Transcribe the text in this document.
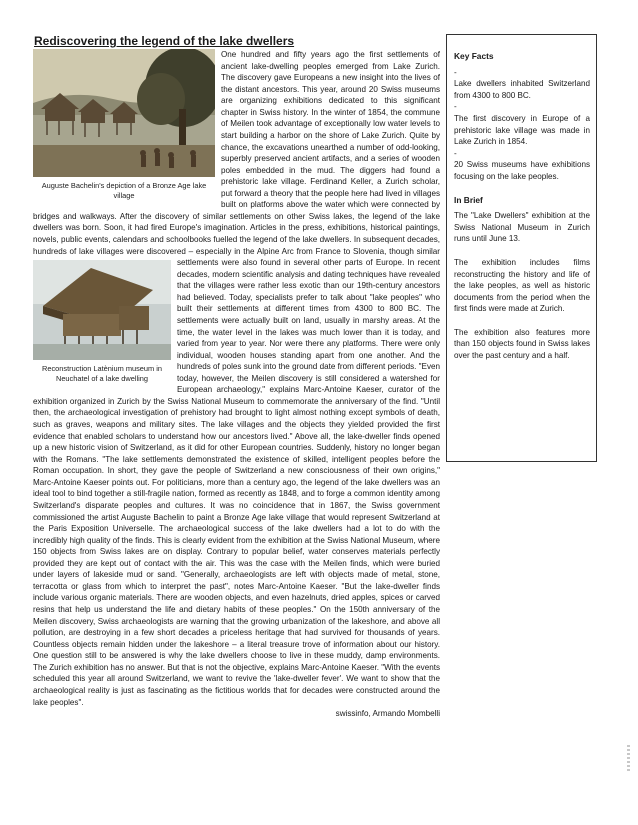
Rediscovering the legend of the lake dwellers
Auguste Bachelin's depiction of a Bronze Age lake village

One hundred and fifty years ago the first settlements of ancient lake-dwelling peoples emerged from Lake Zurich. The discovery gave Europeans a new insight into the lives of the distant ancestors. This year, around 20 Swiss museums are organizing exhibitions dedicated to this significant chapter in Swiss history. In the winter of 1854, the commune of Meilen took advantage of exceptionally low water levels to start building a harbor on the shore of Lake Zurich. Quite by chance, the excavations unearthed a number of odd-looking, superbly preserved ancient artifacts, and a series of wooden poles embedded in the mud. The diggers had found a prehistoric lake village. Ferdinand Keller, a Zurich scholar, put forward a theory that the people here had lived in villages built on platforms above the water which were connected by bridges and walkways. After the discovery of similar settlements on other Swiss lakes, the legend of the lake dwellers was born. Soon, it had fired Europe's imagination. Articles in the press, exhibitions, historical paintings, novels, public events, calendars and schoolbooks fuelled the legend of the lake dwellers. In subsequent decades, hundreds of lake villages were discovered – especially in the Alpine Arc from France to Slovenia, though similar settlements were also found in several other parts of Europe.
Reconstruction Latènium museum in Neuchatel of a lake dwelling
In recent decades, modern scientific analysis and dating techniques have revealed that the villages were rather less exotic than our 19th-century ancestors had believed. Today, specialists prefer to talk about "lake peoples" who built their settlements at different times from 4300 to 800 BC. The settlements were actually built on land, usually in marshy areas. At the time, the water level in the lakes was much lower than it is today, and varied from year to year. Nor were there any platforms. There were only individual, wooden houses standing apart from one another. And the hundreds of poles sunk into the ground date from different periods. "Even today, however, the Meilen discovery is still considered a watershed for European archaeology," explains Marc-Antoine Kaeser, curator of the exhibition organized in Zurich by the Swiss National Museum to commemorate the anniversary of the find. "Until then, the archaeological investigation of prehistory had brought to light almost nothing except symbols of death, such as graves, weapons and military sites. The lake villages and the objects they yielded provided the first evidence that enabled scholars to understand how our ancestors lived." Above all, the lake-dweller finds opened up a new historic vision of Switzerland, as it did for other European countries. Suddenly, history no longer began with the Romans. "The lake settlements demonstrated the existence of skilled, intelligent peoples before the Roman occupation. In short, they gave the people of Switzerland a new consciousness of their own origins," Marc-Antoine Kaeser points out. For politicians, more than a century ago, the legend of the lake dwellers was an ideal tool to bind together a still-fragile nation, formed as recently as 1848, and to forge a common identity among Switzerland's disparate peoples and cultures. It was no coincidence that in 1867, the Swiss government commissioned the artist Auguste Bachelin to paint a Bronze Age lake village that would represent Switzerland at the Paris Exposition Universelle. The archaeological success of the lake dwellers had a lot to do with the incredibly high quality of the finds. This is clearly evident from the exhibition at the Swiss National Museum, where 150 objects from Swiss lakes are on display. Contrary to popular belief, water conserves materials perfectly provided they are kept out of contact with the air. This was the case with the Meilen finds, which were buried under layers of lakeside mud or sand. "Generally, archaeologists are left with objects made of metal, stone, terracotta or glass from which to interpret the past", notes Marc-Antoine Kaeser. "But the lake-dweller finds include various organic materials. There are wooden objects, and even hazelnuts, dried apples, spices or carved resins that help us understand the life and dietary habits of these peoples." On the 150th anniversary of the Meilen discovery, Swiss archaeologists are warning that the growing urbanization of the lakeshore, and above all pollution, are destroying in a few short decades a priceless heritage that had survived for thousands of years. Countless objects remain hidden under the lakeshore – a literal treasure trove of information about our history. One question still to be answered is why the lake dwellers choose to live in these muddy, damp environments. The Zurich exhibition has no answer. But that is not the objective, explains Marc-Antoine Kaeser. "With the events scheduled this year all around Switzerland, we want to revive the 'lake-dweller fever'. We want to show that the archaeological reality is just as fascinating as the fictitious worlds that for decades were constructed around the lake peoples".

swissinfo, Armando Mombelli
Key Facts

-

Lake dwellers inhabited Switzerland from 4300 to 800 BC.

-

The first discovery in Europe of a prehistoric lake village was made in Lake Zurich in 1854.

-

20 Swiss museums have exhibitions focusing on the lake peoples.

In Brief

The "Lake Dwellers" exhibition at the Swiss National Museum in Zurich runs until June 13.

The exhibition includes films reconstructing the history and life of the lake peoples, as well as historic documents from the period when the first finds were made at Zurich.

The exhibition also features more than 150 objects found in Swiss lakes over the past century and a half.
